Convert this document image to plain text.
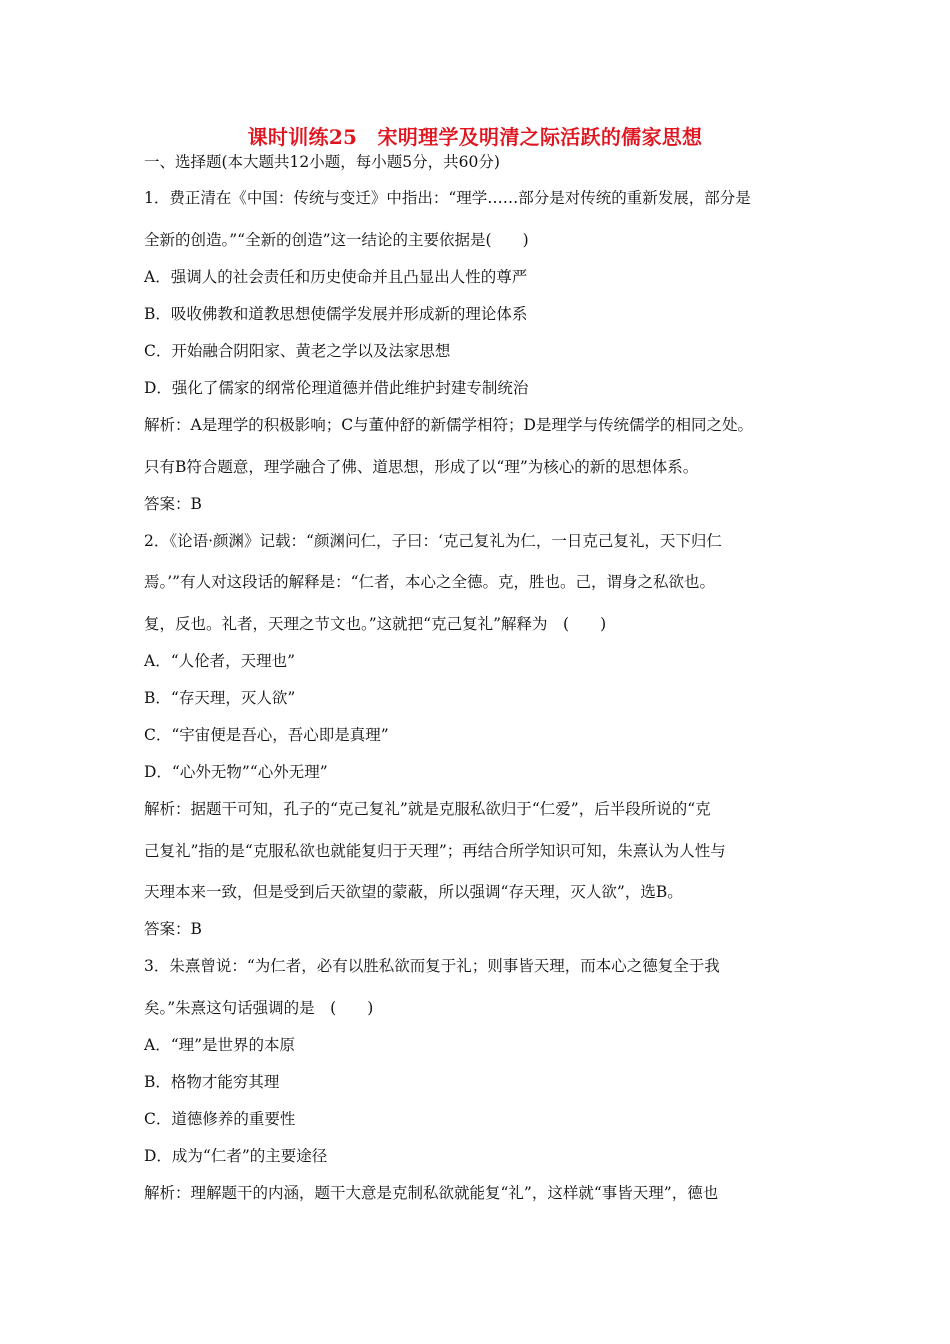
课时训练25　宋明理学及明清之际活跃的儒家思想
一、选择题(本大题共12小题，每小题5分，共60分)
1．费正清在《中国：传统与变迁》中指出：“理学……部分是对传统的重新发展，部分是
全新的创造。”“全新的创造”这一结论的主要依据是(　　)
A．强调人的社会责任和历史使命并且凸显出人性的尊严
B．吸收佛教和道教思想使儒学发展并形成新的理论体系
C．开始融合阴阳家、黄老之学以及法家思想
D．强化了儒家的纲常伦理道德并借此维护封建专制统治
解析：A是理学的积极影响；C与董仲舒的新儒学相符；D是理学与传统儒学的相同之处。
只有B符合题意，理学融合了佛、道思想，形成了以“理”为核心的新的思想体系。
答案：B
2．《论语·颜渊》记载：“颜渊问仁，子曰：‘克己复礼为仁，一日克己复礼，天下归仁
焉。’”有人对这段话的解释是：“仁者，本心之全德。克，胜也。己，谓身之私欲也。
复，反也。礼者，天理之节文也。”这就把“克己复礼”解释为　(　　)
A．“人伦者，天理也”
B．“存天理，灭人欲”
C．“宇宙便是吾心，吾心即是真理”
D．“心外无物”“心外无理”
解析：据题干可知，孔子的“克己复礼”就是克服私欲归于“仁爱”，后半段所说的“克
己复礼”指的是“克服私欲也就能复归于天理”；再结合所学知识可知，朱熹认为人性与
天理本来一致，但是受到后天欲望的蒙蔽，所以强调“存天理，灭人欲”，选B。
答案：B
3．朱熹曾说：“为仁者，必有以胜私欲而复于礼；则事皆天理，而本心之德复全于我
矣。”朱熹这句话强调的是　(　　)
A．“理”是世界的本原
B．格物才能穷其理
C．道德修养的重要性
D．成为“仁者”的主要途径
解析：理解题干的内涵，题干大意是克制私欲就能复“礼”，这样就“事皆天理”，德也
